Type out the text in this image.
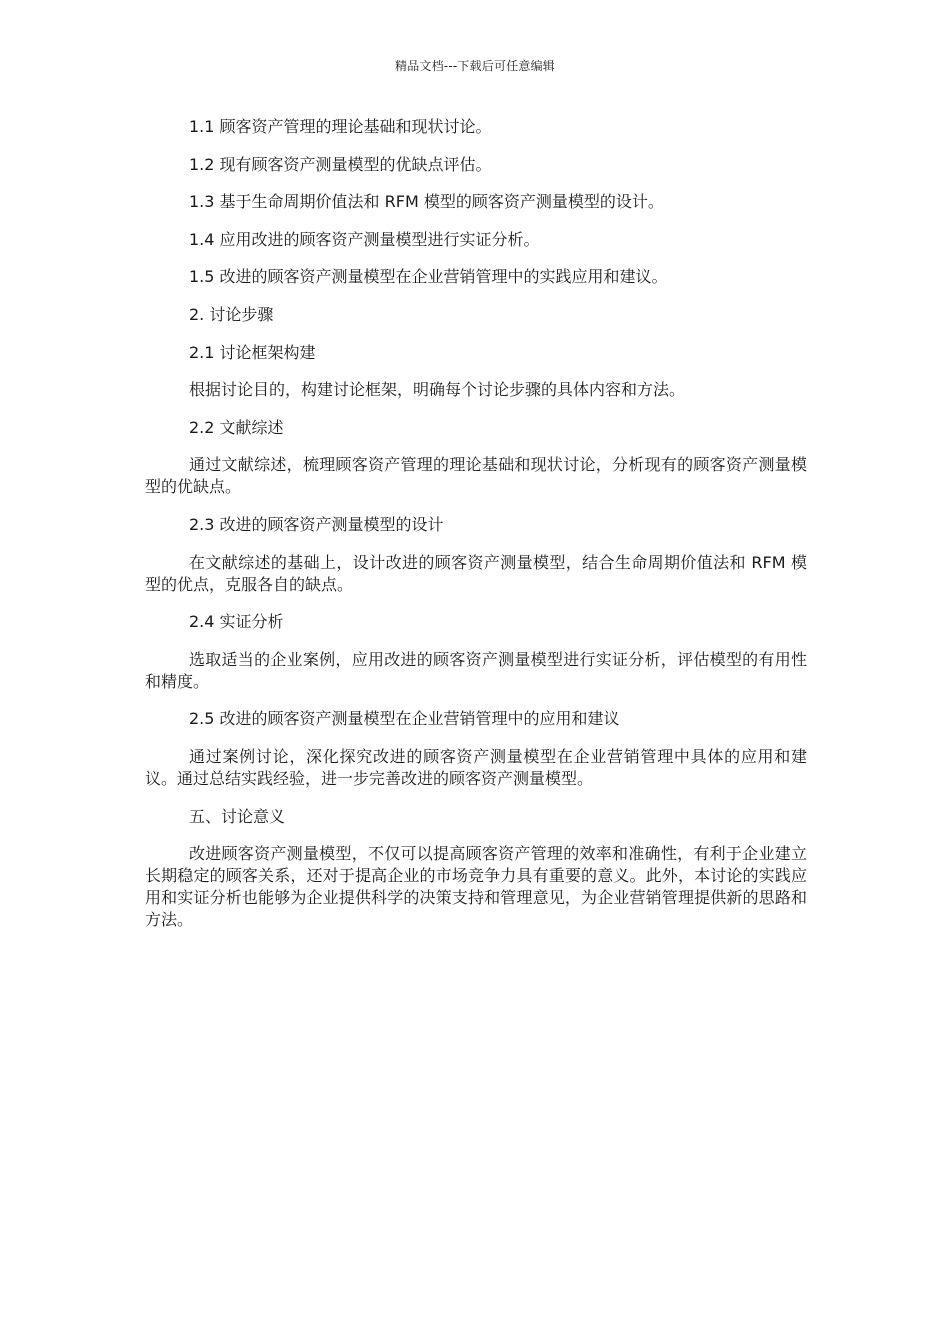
精品文档---下载后可任意编辑

1.1 顾客资产管理的理论基础和现状讨论。

1.2 现有顾客资产测量模型的优缺点评估。

1.3 基于生命周期价值法和 RFM 模型的顾客资产测量模型的设计。

1.4 应用改进的顾客资产测量模型进行实证分析。

1.5 改进的顾客资产测量模型在企业营销管理中的实践应用和建议。

2. 讨论步骤

2.1 讨论框架构建

根据讨论目的，构建讨论框架，明确每个讨论步骤的具体内容和方法。

2.2 文献综述

通过文献综述，梳理顾客资产管理的理论基础和现状讨论，分析现有的顾客资产测量模型的优缺点。

2.3 改进的顾客资产测量模型的设计

在文献综述的基础上，设计改进的顾客资产测量模型，结合生命周期价值法和 RFM 模型的优点，克服各自的缺点。

2.4 实证分析

选取适当的企业案例，应用改进的顾客资产测量模型进行实证分析，评估模型的有用性和精度。

2.5 改进的顾客资产测量模型在企业营销管理中的应用和建议

通过案例讨论，深化探究改进的顾客资产测量模型在企业营销管理中具体的应用和建议。通过总结实践经验，进一步完善改进的顾客资产测量模型。

五、讨论意义

改进顾客资产测量模型，不仅可以提高顾客资产管理的效率和准确性，有利于企业建立长期稳定的顾客关系，还对于提高企业的市场竞争力具有重要的意义。此外，本讨论的实践应用和实证分析也能够为企业提供科学的决策支持和管理意见，为企业营销管理提供新的思路和方法。
